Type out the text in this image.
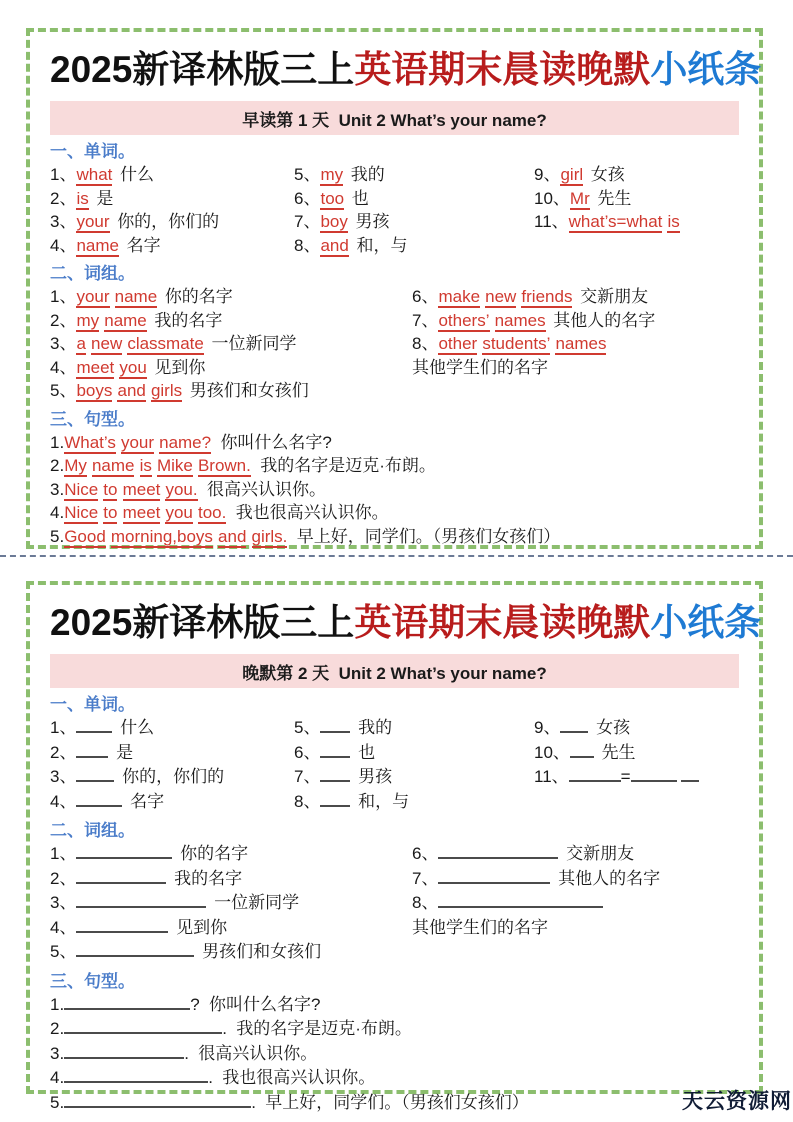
2025新译林版三上英语期末晨读晚默小纸条
早读第 1 天  Unit 2 What’s your name?
一、单词。
1、what 什么
2、is 是
3、your 你的，你们的
4、name 名字
5、my 我的
6、too 也
7、boy 男孩
8、and 和，与
9、girl 女孩
10、Mr 先生
11、what’s=what is
二、词组。
1、your name 你的名字
2、my name 我的名字
3、a new classmate 一位新同学
4、meet you 见到你
5、boys and girls 男孩们和女孩们
6、make new friends 交新朋友
7、others’ names 其他人的名字
8、other students’ names
其他学生们的名字
三、句型。
1.What’s your name? 你叫什么名字?
2.My name is Mike Brown. 我的名字是迈克·布朗。
3.Nice to meet you. 很高兴认识你。
4.Nice to meet you too. 我也很高兴认识你。
5.Good morning,boys and girls. 早上好，同学们。（男孩们女孩们）
2025新译林版三上英语期末晨读晚默小纸条
晚默第 2 天  Unit 2 What’s your name?
一、单词。
1、	什么
2、 是
3、	你的，你们的
4、	名字
5、 我的
6、 也
7、 男孩
8、 和，与
9、 女孩
10、 先生
11、	=
二、词组。
1、	你的名字
2、	我的名字
3、	一位新同学
4、	见到你
5、	男孩们和女孩们
6、	交新朋友
7、	其他人的名字
8、
其他学生们的名字
三、句型。
1.	? 你叫什么名字?
2.	. 我的名字是迈克·布朗。
3.	. 很高兴认识你。
4.	. 我也很高兴认识你。
5.	. 早上好，同学们。（男孩们女孩们）	天云资源网
